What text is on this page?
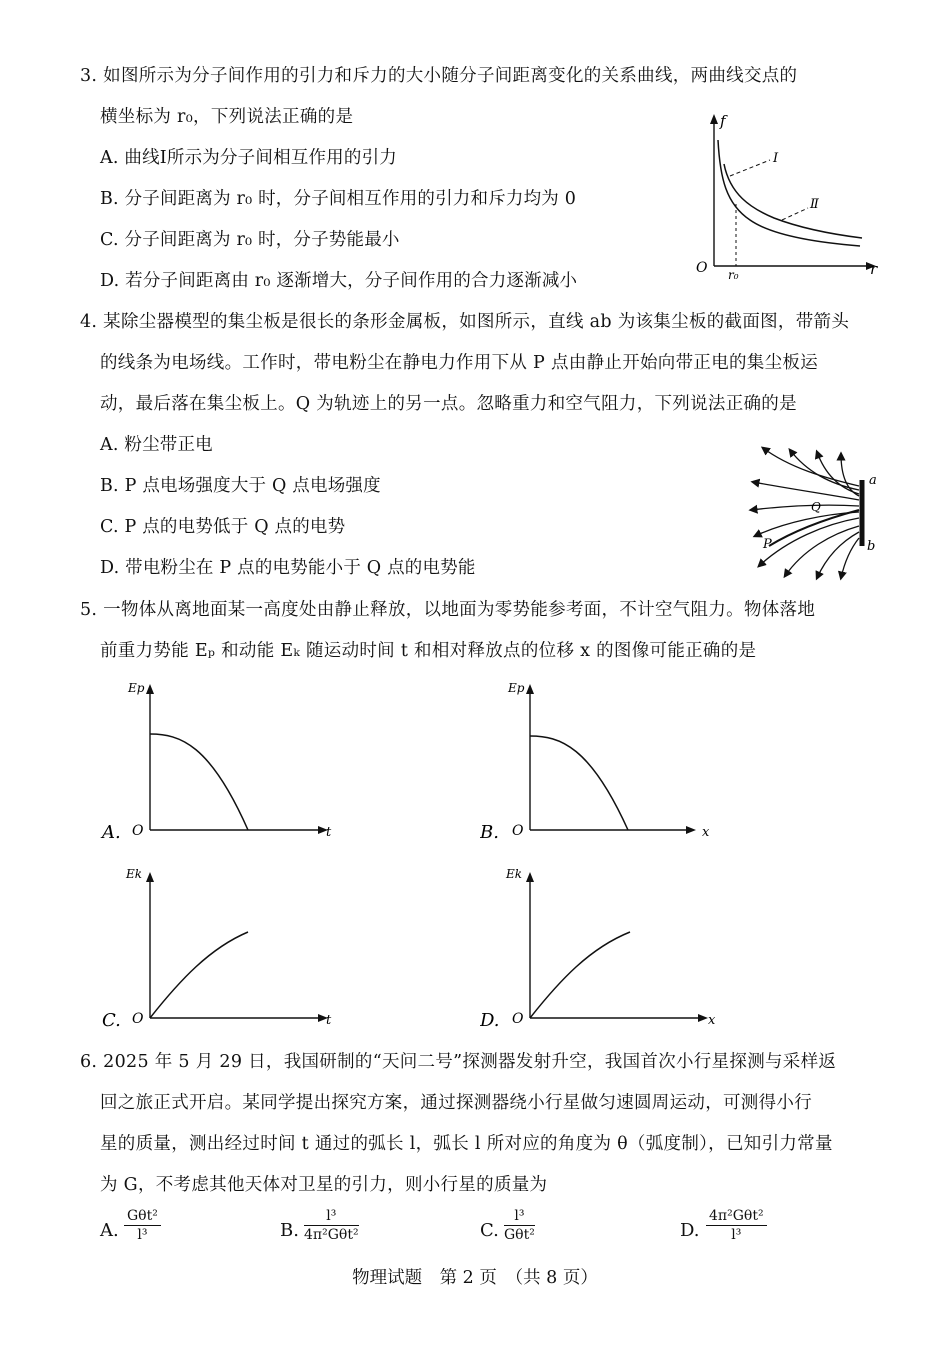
3. 如图所示为分子间作用的引力和斥力的大小随分子间距离变化的关系曲线，两曲线交点的
横坐标为 r₀，下列说法正确的是
A. 曲线Ⅰ所示为分子间相互作用的引力
B. 分子间距离为 r₀ 时，分子间相互作用的引力和斥力均为 0
C. 分子间距离为 r₀ 时，分子势能最小
D. 若分子间距离由 r₀ 逐渐增大，分子间作用的合力逐渐减小
f
r
O r₀
Ⅰ
Ⅱ
4. 某除尘器模型的集尘板是很长的条形金属板，如图所示，直线 ab 为该集尘板的截面图，带箭头
的线条为电场线。工作时，带电粉尘在静电力作用下从 P 点由静止开始向带正电的集尘板运
动，最后落在集尘板上。Q 为轨迹上的另一点。忽略重力和空气阻力，下列说法正确的是
A. 粉尘带正电
B. P 点电场强度大于 Q 点电场强度
C. P 点的电势低于 Q 点的电势
D. 带电粉尘在 P 点的电势能小于 Q 点的电势能
a
b
P
Q
5. 一物体从离地面某一高度处由静止释放，以地面为零势能参考面，不计空气阻力。物体落地
前重力势能 Eₚ 和动能 Eₖ 随运动时间 t 和相对释放点的位移 x 的图像可能正确的是
A.
Ep
O	t	B.
Ep
O	x
C.
Ek
O	t	D.
Ek
O	x
6. 2025 年 5 月 29 日，我国研制的“天问二号”探测器发射升空，我国首次小行星探测与采样返
回之旅正式开启。某同学提出探究方案，通过探测器绕小行星做匀速圆周运动，可测得小行
星的质量，测出经过时间 t 通过的弧长 l，弧长 l 所对应的角度为 θ（弧度制），已知引力常量
为 G，不考虑其他天体对卫星的引力，则小行星的质量为
A.
Gθt²
l³	B.
l³
4π²Gθt²	C.
l³
Gθt²	D.
4π²Gθt²
l³
物理试题　第 2 页　（共 8 页）
